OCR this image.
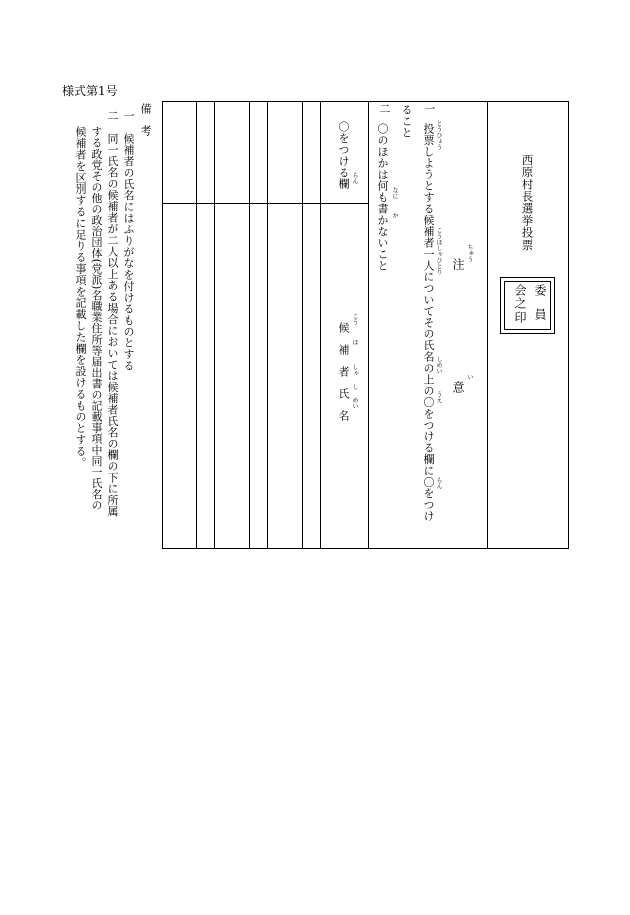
様式第1号
西原村長選挙投票
委
員
会
之
印
注
ちゅう
意
い
一
投票しようとする候補者一人についてその氏名の上の〇をつける欄に〇をつけ とうひょう
こうほしゃひとり
しめい
うえ
らん
ること
二
〇のほかは何も書かないこと なに
か
〇をつける欄 らん
候　補　者　氏　名
こう
ほ
しゃ
し
めい
備　考
一　候補者の氏名にはふりがなを付けるものとする
二　同一氏名の候補者が二人以上ある場合においては候補者氏名の欄の下に所属
する政党その他の政治団体(党派)名職業住所等届出書の記載事項中同一氏名の
候補者を区別するに足りる事項を記載した欄を設けるものとする。
